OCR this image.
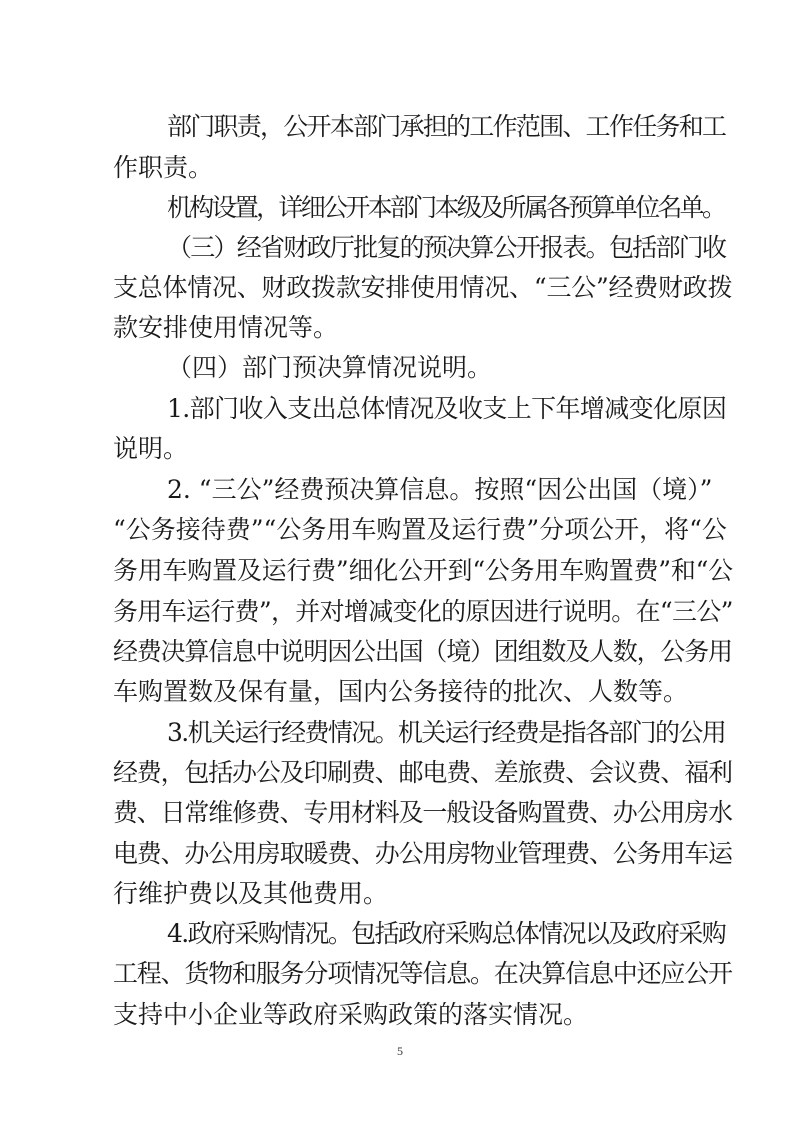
部门职责，公开本部门承担的工作范围、工作任务和工
作职责。
机构设置，详细公开本部门本级及所属各预算单位名单。
（三）经省财政厅批复的预决算公开报表。包括部门收
支总体情况、财政拨款安排使用情况、“三公”经费财政拨
款安排使用情况等。
（四）部门预决算情况说明。
1.部门收入支出总体情况及收支上下年增减变化原因
说明。
2. “三公”经费预决算信息。按照“因公出国（境）”
“公务接待费”“公务用车购置及运行费”分项公开，将“公
务用车购置及运行费”细化公开到“公务用车购置费”和“公
务用车运行费”，并对增减变化的原因进行说明。在“三公”
经费决算信息中说明因公出国（境）团组数及人数，公务用
车购置数及保有量，国内公务接待的批次、人数等。
3.机关运行经费情况。机关运行经费是指各部门的公用
经费，包括办公及印刷费、邮电费、差旅费、会议费、福利
费、日常维修费、专用材料及一般设备购置费、办公用房水
电费、办公用房取暖费、办公用房物业管理费、公务用车运
行维护费以及其他费用。
4.政府采购情况。包括政府采购总体情况以及政府采购
工程、货物和服务分项情况等信息。在决算信息中还应公开
支持中小企业等政府采购政策的落实情况。
5
